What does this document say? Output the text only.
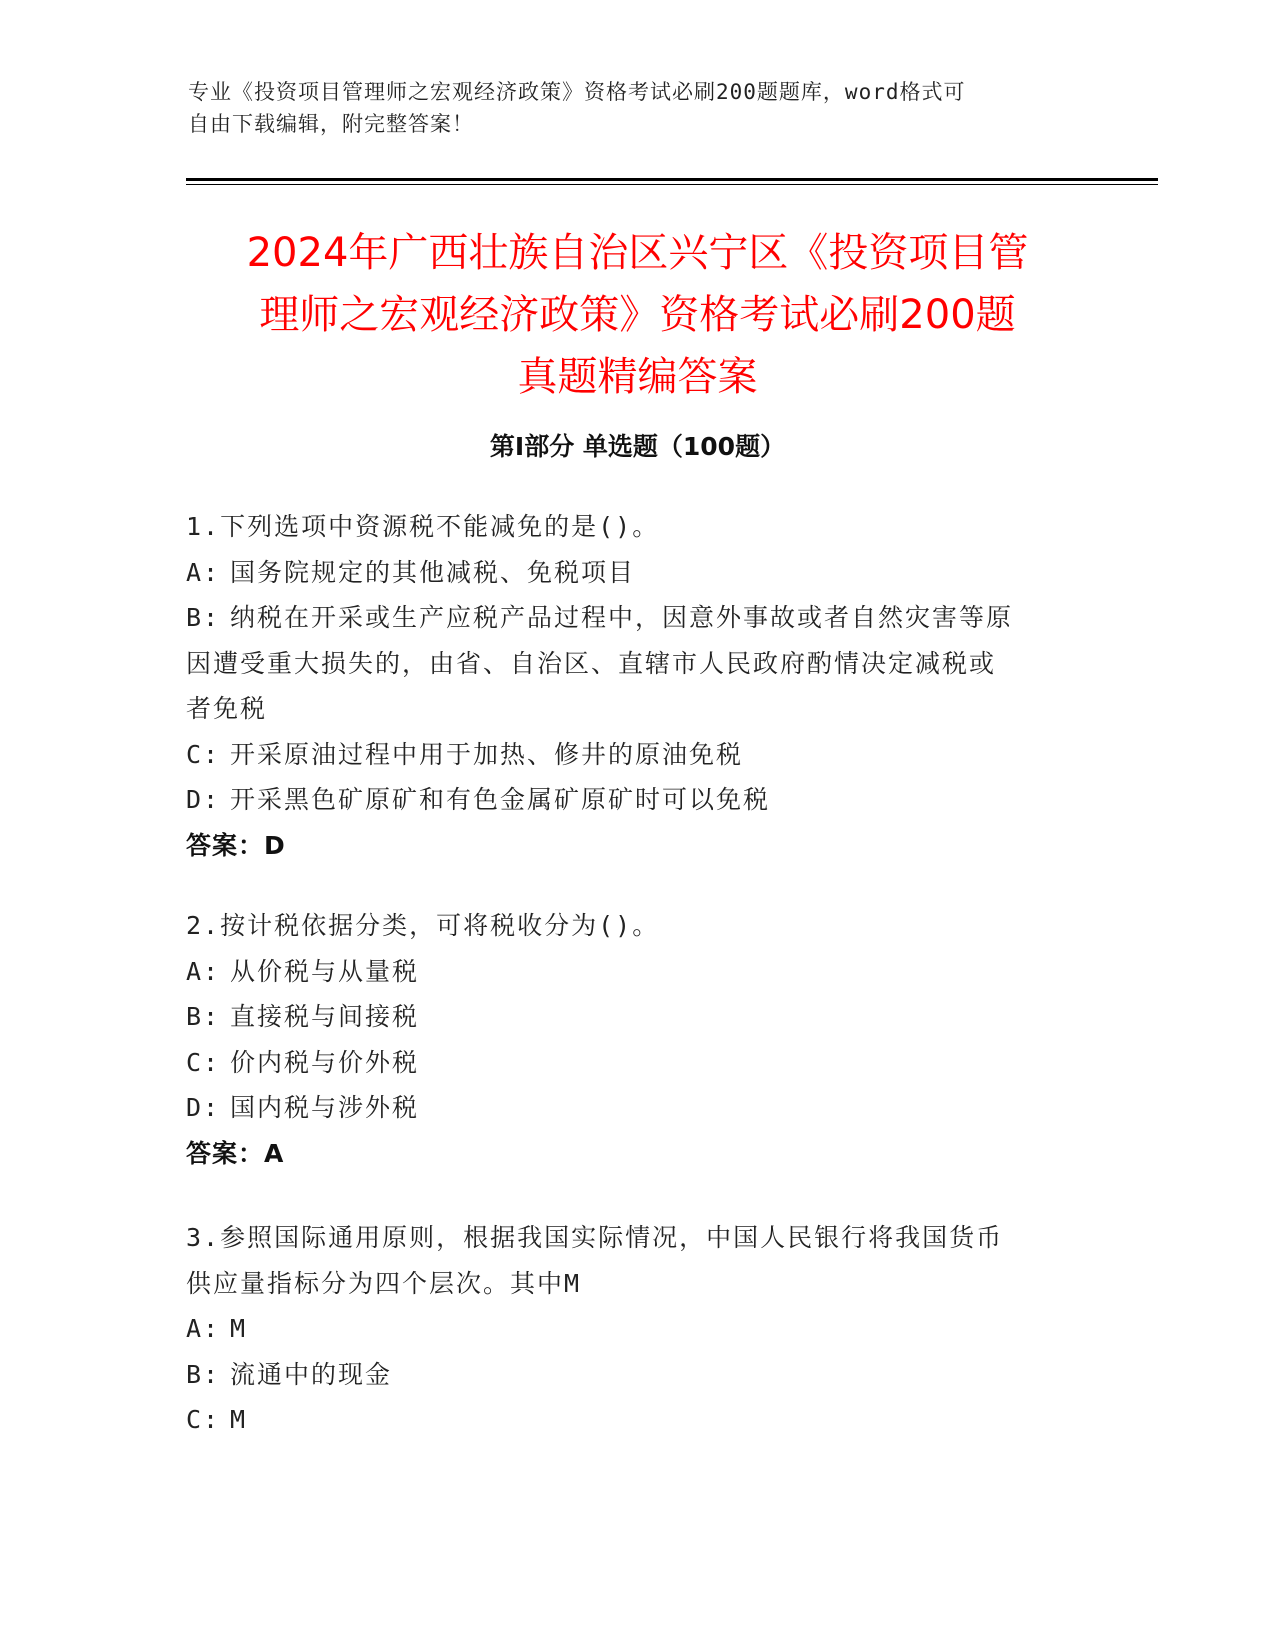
专业《投资项目管理师之宏观经济政策》资格考试必刷200题题库，word格式可
自由下载编辑，附完整答案！
2024年广西壮族自治区兴宁区《投资项目管
理师之宏观经济政策》资格考试必刷200题
真题精编答案
第Ⅰ部分 单选题（100题）
1.下列选项中资源税不能减免的是()。
A: 国务院规定的其他减税、免税项目
B: 纳税在开采或生产应税产品过程中，因意外事故或者自然灾害等原
因遭受重大损失的，由省、自治区、直辖市人民政府酌情决定减税或
者免税
C: 开采原油过程中用于加热、修井的原油免税
D: 开采黑色矿原矿和有色金属矿原矿时可以免税
答案：D
2.按计税依据分类，可将税收分为()。
A: 从价税与从量税
B: 直接税与间接税
C: 价内税与价外税
D: 国内税与涉外税
答案：A
3.参照国际通用原则，根据我国实际情况，中国人民银行将我国货币
供应量指标分为四个层次。其中M
A: M
B: 流通中的现金
C: M
